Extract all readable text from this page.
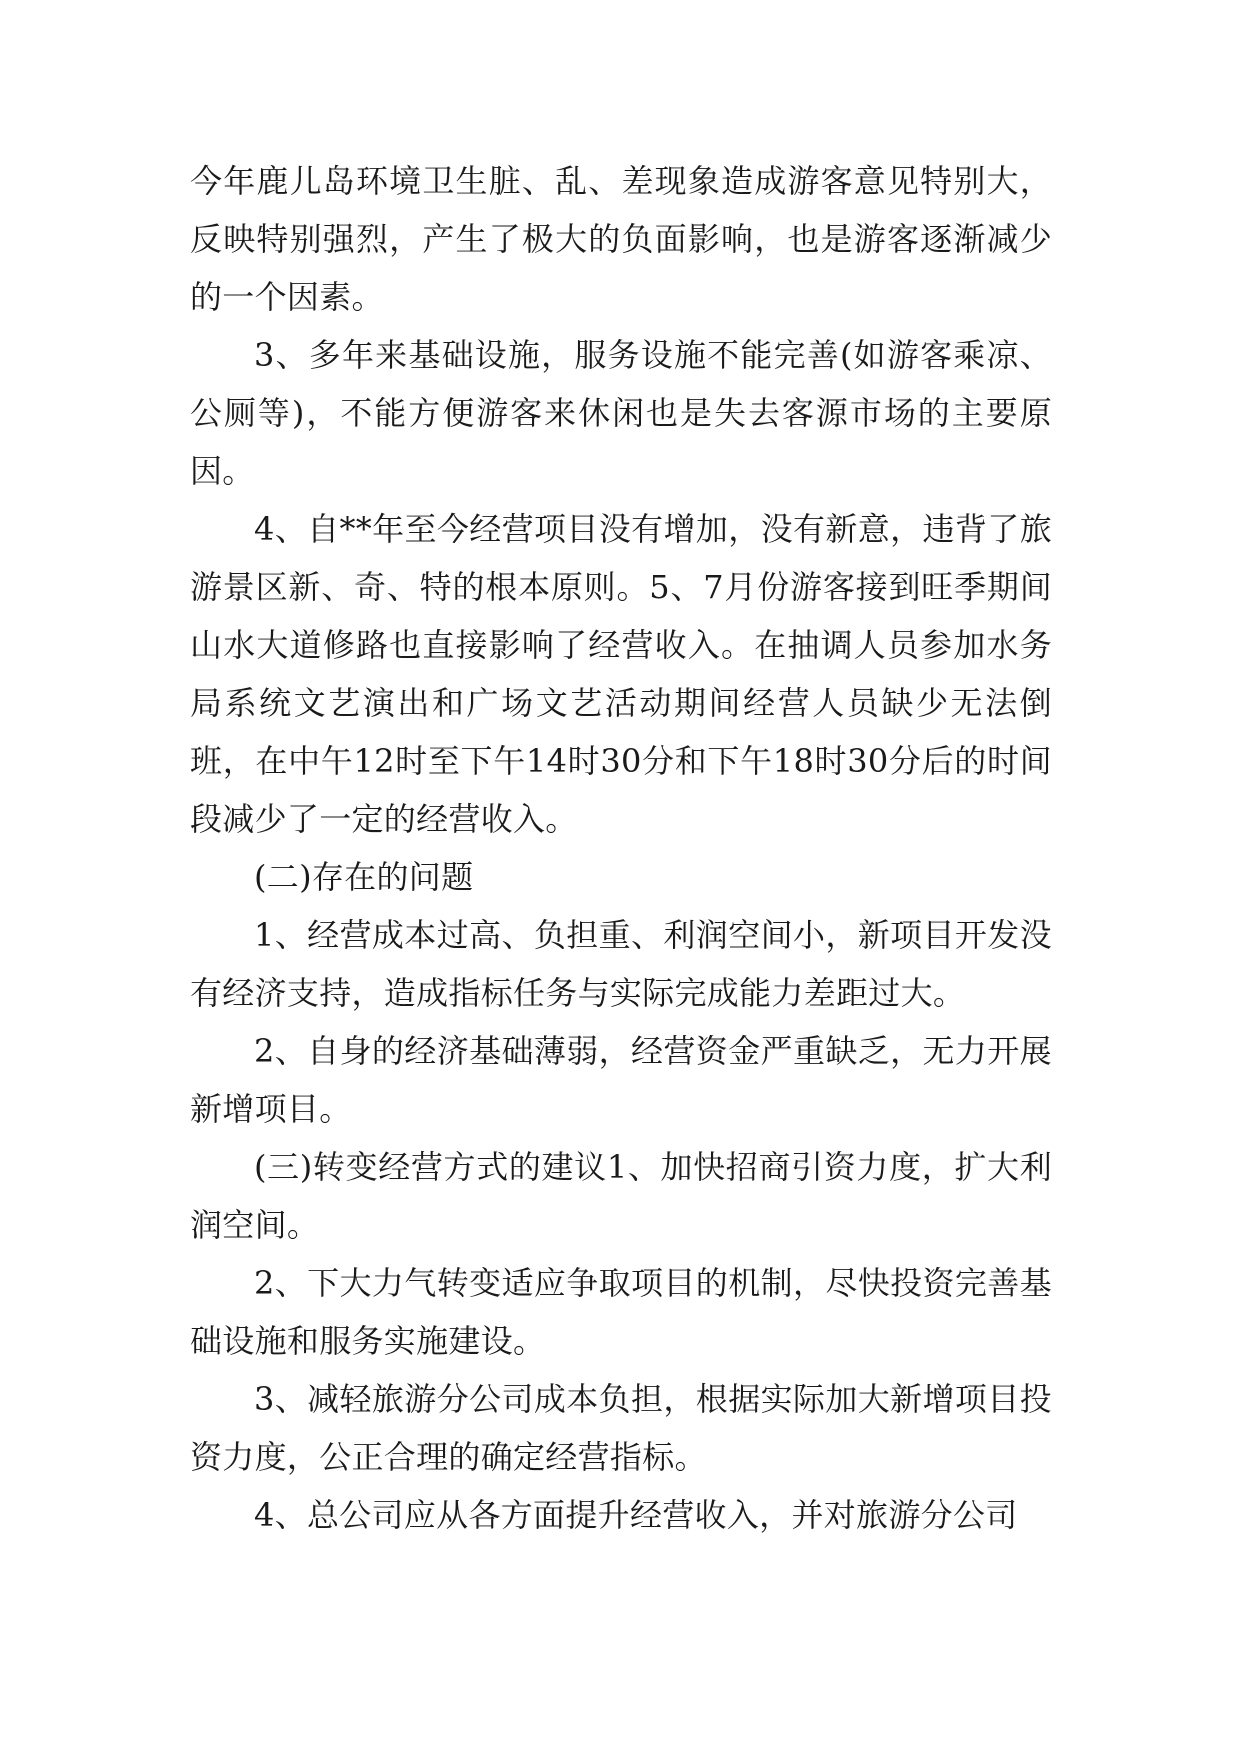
今年鹿儿岛环境卫生脏、乱、差现象造成游客意见特别大，反映特别强烈，产生了极大的负面影响，也是游客逐渐减少的一个因素。

3、多年来基础设施，服务设施不能完善(如游客乘凉、公厕等)，不能方便游客来休闲也是失去客源市场的主要原因。

4、自**年至今经营项目没有增加，没有新意，违背了旅游景区新、奇、特的根本原则。5、7月份游客接到旺季期间山水大道修路也直接影响了经营收入。在抽调人员参加水务局系统文艺演出和广场文艺活动期间经营人员缺少无法倒班，在中午12时至下午14时30分和下午18时30分后的时间段减少了一定的经营收入。

(二)存在的问题

1、经营成本过高、负担重、利润空间小，新项目开发没有经济支持，造成指标任务与实际完成能力差距过大。

2、自身的经济基础薄弱，经营资金严重缺乏，无力开展新增项目。

(三)转变经营方式的建议1、加快招商引资力度，扩大利润空间。

2、下大力气转变适应争取项目的机制，尽快投资完善基础设施和服务实施建设。

3、减轻旅游分公司成本负担，根据实际加大新增项目投资力度，公正合理的确定经营指标。

4、总公司应从各方面提升经营收入，并对旅游分公司
